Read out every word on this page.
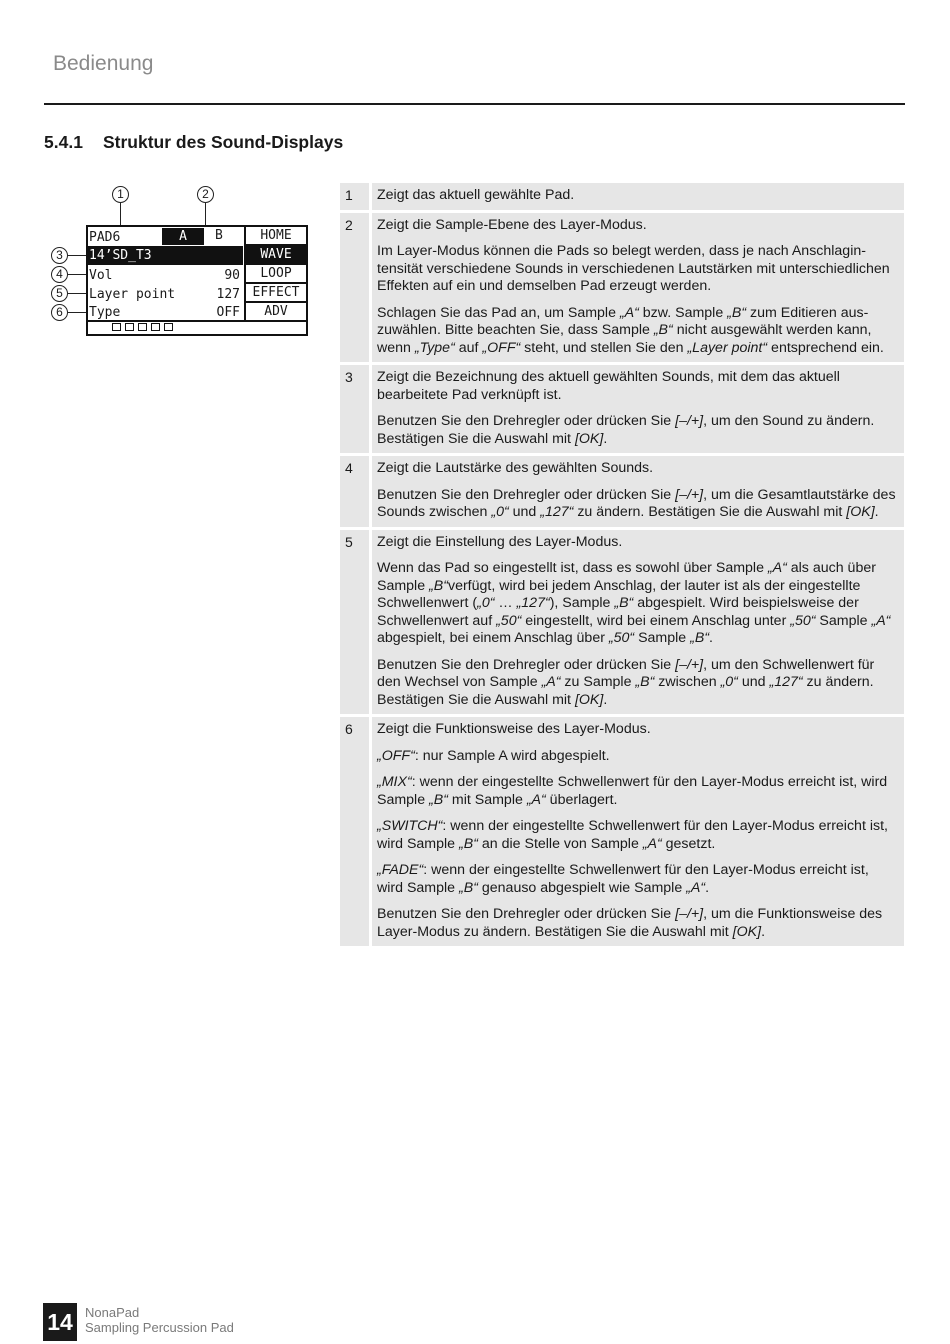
Bedienung
5.4.1 Struktur des Sound-Displays
1	2
3
4
5
6
PAD6	A	B
14’SD_T3
Vol	90
Layer point	127
Type	OFF
HOME
WAVE
LOOP
EFFECT
ADV
1	Zeigt das aktuell gewählte Pad.

2	Zeigt die Sample-Ebene des Layer-Modus.

Im Layer-Modus können die Pads so belegt werden, dass je nach Anschlagintensität verschiedene Sounds in verschiedenen Lautstärken mit unterschiedlichen Effekten auf ein und demselben Pad erzeugt werden.

Schlagen Sie das Pad an, um Sample „A“ bzw. Sample „B“ zum Editieren auszuwählen. Bitte beachten Sie, dass Sample „B“ nicht ausgewählt werden kann, wenn „Type“ auf „OFF“ steht, und stellen Sie den „Layer point“ entsprechend ein.

3	Zeigt die Bezeichnung des aktuell gewählten Sounds, mit dem das aktuell bearbeitete Pad verknüpft ist.

Benutzen Sie den Drehregler oder drücken Sie [–/+], um den Sound zu ändern. Bestätigen Sie die Auswahl mit [OK].

4	Zeigt die Lautstärke des gewählten Sounds.

Benutzen Sie den Drehregler oder drücken Sie [–/+], um die Gesamtlautstärke des Sounds zwischen „0“ und „127“ zu ändern. Bestätigen Sie die Auswahl mit [OK].

5	Zeigt die Einstellung des Layer-Modus.

Wenn das Pad so eingestellt ist, dass es sowohl über Sample „A“ als auch über Sample „B“verfügt, wird bei jedem Anschlag, der lauter ist als der eingestellte Schwellenwert („0“ … „127“), Sample „B“ abgespielt. Wird beispielsweise der Schwellenwert auf „50“ eingestellt, wird bei einem Anschlag unter „50“ Sample „A“ abgespielt, bei einem Anschlag über „50“ Sample „B“.

Benutzen Sie den Drehregler oder drücken Sie [–/+], um den Schwellenwert für den Wechsel von Sample „A“ zu Sample „B“ zwischen „0“ und „127“ zu ändern. Bestätigen Sie die Auswahl mit [OK].

6	Zeigt die Funktionsweise des Layer-Modus.

„OFF“: nur Sample A wird abgespielt.

„MIX“: wenn der eingestellte Schwellenwert für den Layer-Modus erreicht ist, wird Sample „B“ mit Sample „A“ überlagert.

„SWITCH“: wenn der eingestellte Schwellenwert für den Layer-Modus erreicht ist, wird Sample „B“ an die Stelle von Sample „A“ gesetzt.

„FADE“: wenn der eingestellte Schwellenwert für den Layer-Modus erreicht ist, wird Sample „B“ genauso abgespielt wie Sample „A“.

Benutzen Sie den Drehregler oder drücken Sie [–/+], um die Funktionsweise des Layer-Modus zu ändern. Bestätigen Sie die Auswahl mit [OK].

14 NonaPad
Sampling Percussion Pad
